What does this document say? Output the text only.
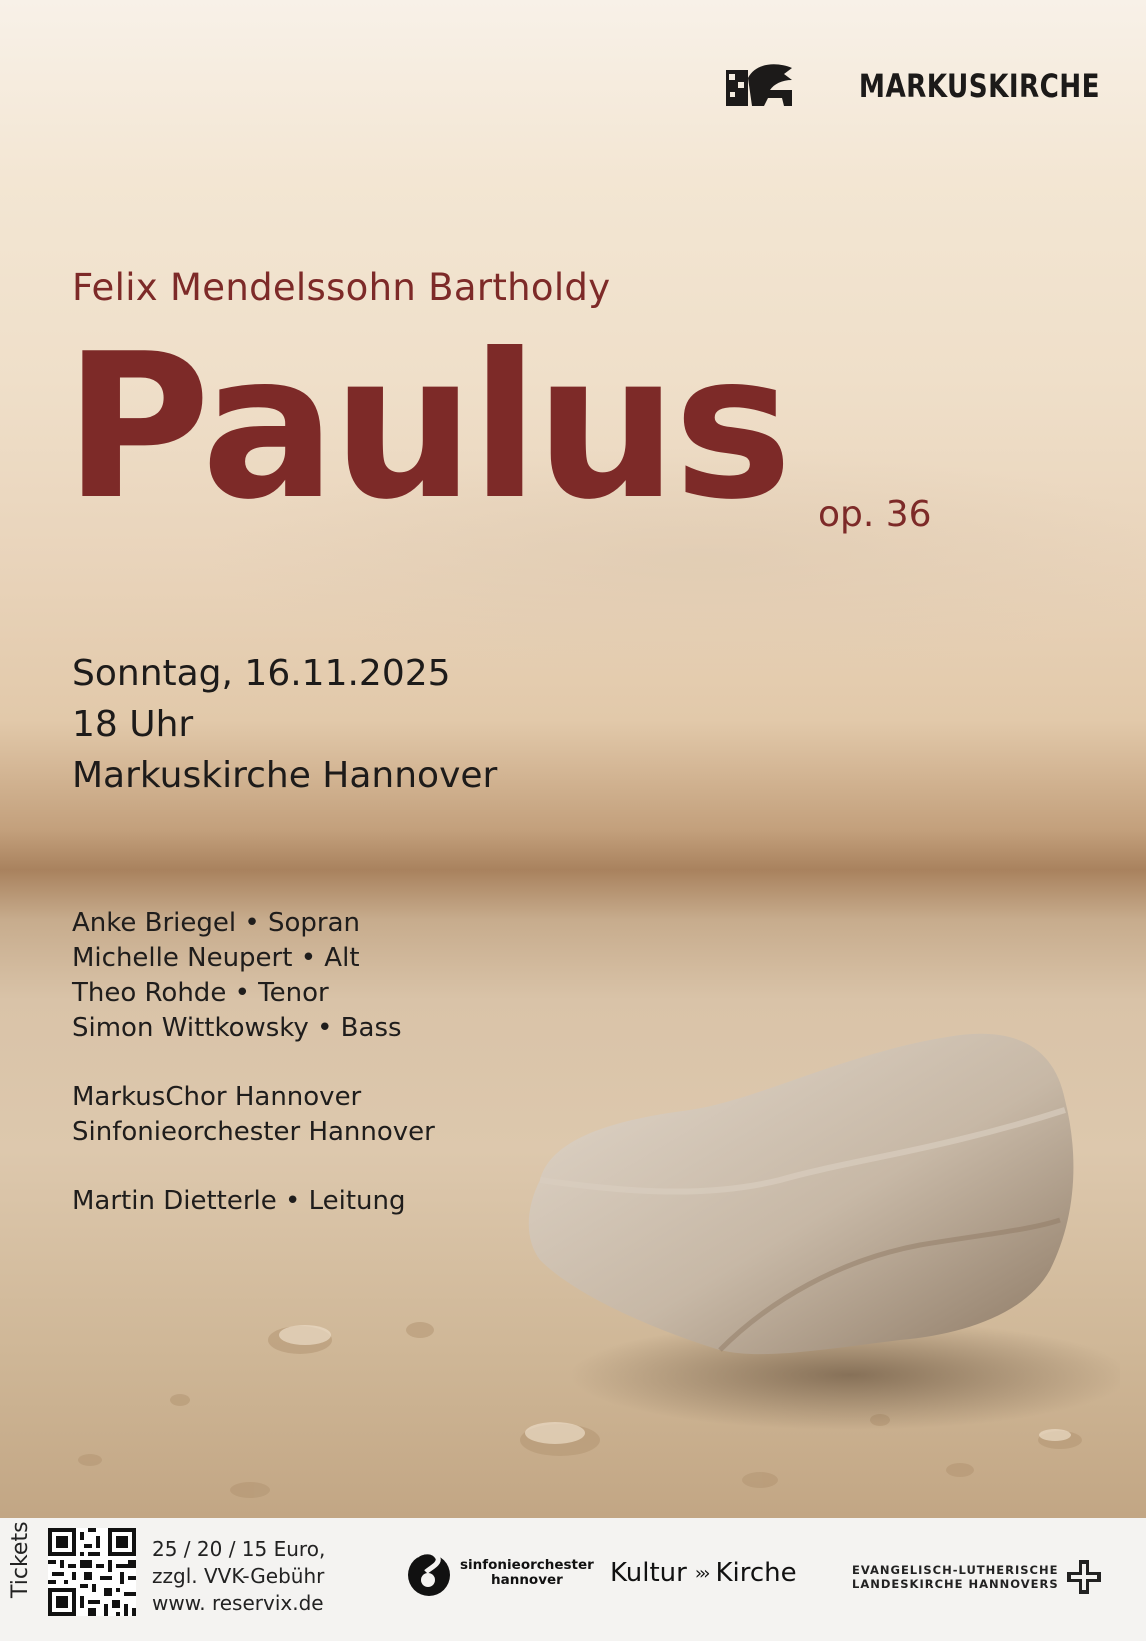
MARKUSKIRCHE
Felix Mendelssohn Bartholdy
Paulus op. 36
Sonntag, 16.11.2025
18 Uhr
Markuskirche Hannover
Anke Briegel • Sopran
Michelle Neupert • Alt
Theo Rohde • Tenor
Simon Wittkowsky • Bass
MarkusChor Hannover
Sinfonieorchester Hannover
Martin Dietterle • Leitung
Tickets	25 / 20 / 15 Euro,
zzgl. VVK-Gebühr
www. reservix.de
sinfonieorchester
hannover	Kultur ››› Kirche	EVANGELISCH-LUTHERISCHE
LANDESKIRCHE HANNOVERS
